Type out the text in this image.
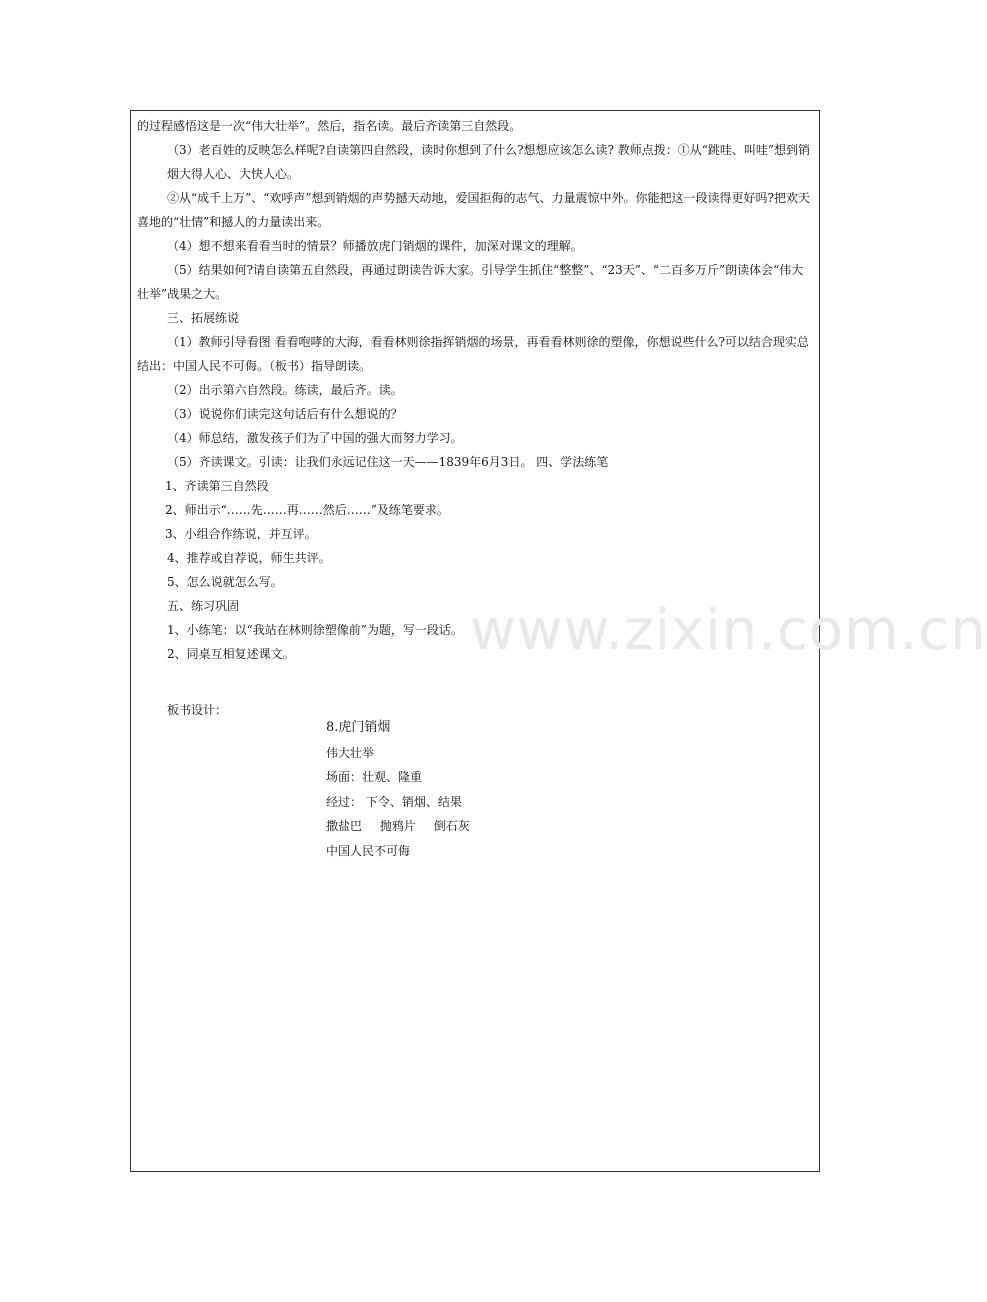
的过程感悟这是一次“伟大壮举”。然后，指名读。最后齐读第三自然段。

（3）老百姓的反映怎么样呢?自读第四自然段，读时你想到了什么?想想应该怎么读? 教师点拨：①从“跳哇、叫哇”想到销烟大得人心、大快人心。

②从“成千上万”、“欢呼声”想到销烟的声势撼天动地，爱国拒侮的志气、力量震惊中外。你能把这一段读得更好吗?把欢天喜地的“壮情”和撼人的力量读出来。

（4）想不想来看看当时的情景？师播放虎门销烟的课件，加深对课文的理解。

（5）结果如何?请自读第五自然段，再通过朗读告诉大家。引导学生抓住“整整”、“23天”、“二百多万斤”朗读体会“伟大壮举”战果之大。

三、拓展练说

（1）教师引导看图 看看咆哮的大海，看看林则徐指挥销烟的场景，再看看林则徐的塑像，你想说些什么?可以结合现实总结出：中国人民不可侮。（板书）指导朗读。

（2）出示第六自然段。练读，最后齐。读。

（3）说说你们读完这句话后有什么想说的？

（4）师总结，激发孩子们为了中国的强大而努力学习。

（5）齐读课文。引读：让我们永远记住这一天——1839年6月3日。 四、学法练笔

1、齐读第三自然段

2、师出示“……先……再……然后……”及练笔要求。

3、小组合作练说，并互评。

4、推荐或自荐说，师生共评。

5、怎么说就怎么写。

五、练习巩固

1、小练笔：以“我站在林则徐塑像前”为题，写一段话。

2、同桌互相复述课文。

板书设计：

8.虎门销烟
伟大壮举
场面：壮观、隆重
经过： 下令、销烟、结果
撒盐巴 抛鸦片 倒石灰
中国人民不可侮
www.zixin.com.cn
